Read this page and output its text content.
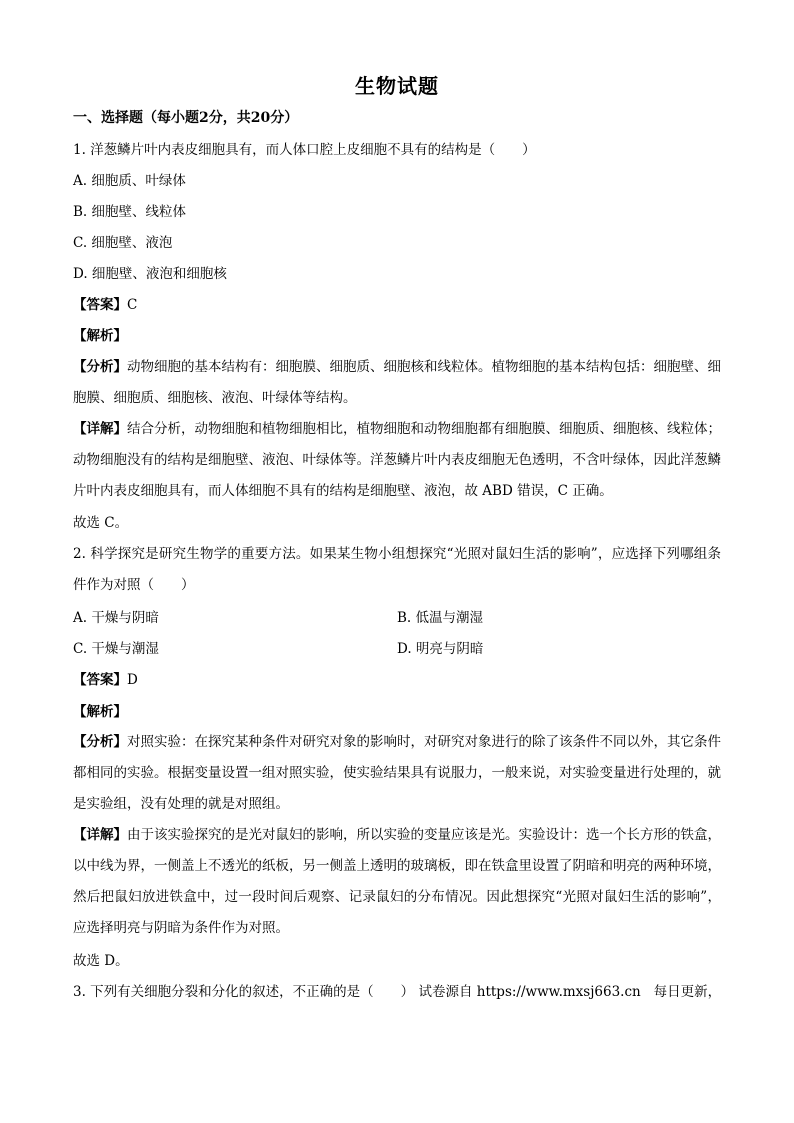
生物试题
一、选择题（每小题2分，共20分）
1. 洋葱鳞片叶内表皮细胞具有，而人体口腔上皮细胞不具有的结构是（　　）
A. 细胞质、叶绿体
B. 细胞壁、线粒体
C. 细胞壁、液泡
D. 细胞壁、液泡和细胞核
【答案】C
【解析】
【分析】动物细胞的基本结构有：细胞膜、细胞质、细胞核和线粒体。植物细胞的基本结构包括：细胞壁、细胞膜、细胞质、细胞核、液泡、叶绿体等结构。
【详解】结合分析，动物细胞和植物细胞相比，植物细胞和动物细胞都有细胞膜、细胞质、细胞核、线粒体；动物细胞没有的结构是细胞壁、液泡、叶绿体等。洋葱鳞片叶内表皮细胞无色透明，不含叶绿体，因此洋葱鳞片叶内表皮细胞具有，而人体细胞不具有的结构是细胞壁、液泡，故 ABD 错误，C 正确。
故选 C。
2. 科学探究是研究生物学的重要方法。如果某生物小组想探究“光照对鼠妇生活的影响”，应选择下列哪组条件作为对照（　　）
A. 干燥与阴暗	B. 低温与潮湿
C. 干燥与潮湿	D. 明亮与阴暗
【答案】D
【解析】
【分析】对照实验：在探究某种条件对研究对象的影响时，对研究对象进行的除了该条件不同以外，其它条件都相同的实验。根据变量设置一组对照实验，使实验结果具有说服力，一般来说，对实验变量进行处理的，就是实验组，没有处理的就是对照组。
【详解】由于该实验探究的是光对鼠妇的影响，所以实验的变量应该是光。实验设计：选一个长方形的铁盒，以中线为界，一侧盖上不透光的纸板，另一侧盖上透明的玻璃板，即在铁盒里设置了阴暗和明亮的两种环境，然后把鼠妇放进铁盒中，过一段时间后观察、记录鼠妇的分布情况。因此想探究“光照对鼠妇生活的影响”，应选择明亮与阴暗为条件作为对照。
故选 D。
3. 下列有关细胞分裂和分化的叙述，不正确的是（　　） 试卷源自 https://www.mxsj663.cn 每日更新，
